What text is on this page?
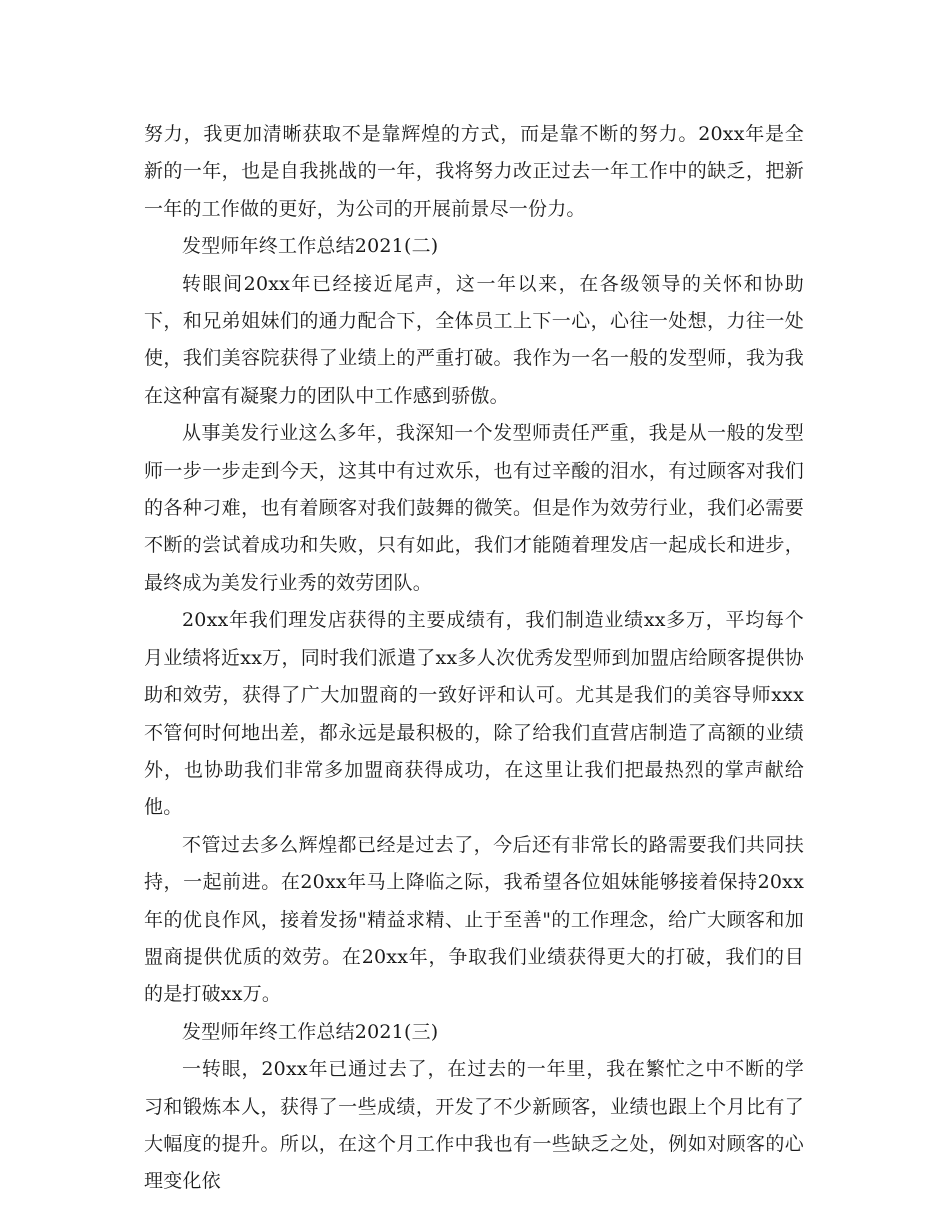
努力，我更加清晰获取不是靠辉煌的方式，而是靠不断的努力。20xx年是全新的一年，也是自我挑战的一年，我将努力改正过去一年工作中的缺乏，把新一年的工作做的更好，为公司的开展前景尽一份力。

发型师年终工作总结2021(二)

转眼间20xx年已经接近尾声，这一年以来，在各级领导的关怀和协助下，和兄弟姐妹们的通力配合下，全体员工上下一心，心往一处想，力往一处使，我们美容院获得了业绩上的严重打破。我作为一名一般的发型师，我为我在这种富有凝聚力的团队中工作感到骄傲。

从事美发行业这么多年，我深知一个发型师责任严重，我是从一般的发型师一步一步走到今天，这其中有过欢乐，也有过辛酸的泪水，有过顾客对我们的各种刁难，也有着顾客对我们鼓舞的微笑。但是作为效劳行业，我们必需要不断的尝试着成功和失败，只有如此，我们才能随着理发店一起成长和进步，最终成为美发行业秀的效劳团队。

20xx年我们理发店获得的主要成绩有，我们制造业绩xx多万，平均每个月业绩将近xx万，同时我们派遣了xx多人次优秀发型师到加盟店给顾客提供协助和效劳，获得了广大加盟商的一致好评和认可。尤其是我们的美容导师xxx不管何时何地出差，都永远是最积极的，除了给我们直营店制造了高额的业绩外，也协助我们非常多加盟商获得成功，在这里让我们把最热烈的掌声献给他。

不管过去多么辉煌都已经是过去了，今后还有非常长的路需要我们共同扶持，一起前进。在20xx年马上降临之际，我希望各位姐妹能够接着保持20xx年的优良作风，接着发扬"精益求精、止于至善"的工作理念，给广大顾客和加盟商提供优质的效劳。在20xx年，争取我们业绩获得更大的打破，我们的目的是打破xx万。

发型师年终工作总结2021(三)

一转眼，20xx年已通过去了，在过去的一年里，我在繁忙之中不断的学习和锻炼本人，获得了一些成绩，开发了不少新顾客，业绩也跟上个月比有了大幅度的提升。所以，在这个月工作中我也有一些缺乏之处，例如对顾客的心理变化依
